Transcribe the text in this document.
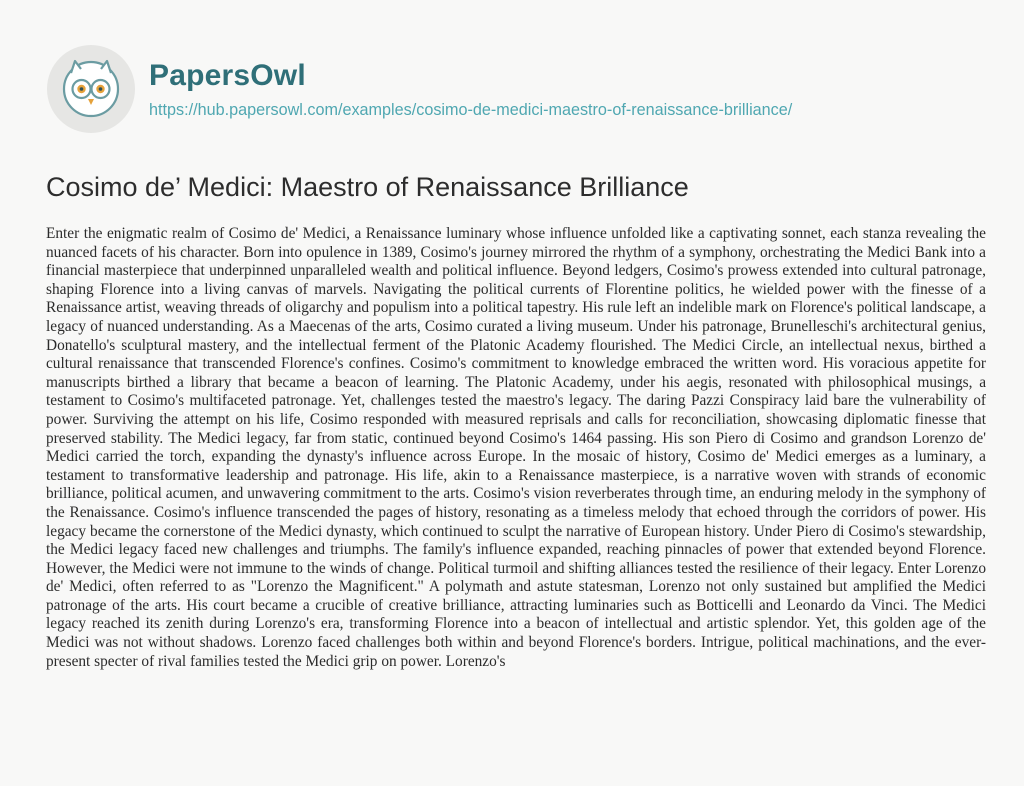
PapersOwl
https://hub.papersowl.com/examples/cosimo-de-medici-maestro-of-renaissance-brilliance/
Cosimo de’ Medici: Maestro of Renaissance Brilliance

Enter the enigmatic realm of Cosimo de' Medici, a Renaissance luminary whose influence unfolded like a captivating sonnet, each stanza revealing the nuanced facets of his character. Born into opulence in 1389, Cosimo's journey mirrored the rhythm of a symphony, orchestrating the Medici Bank into a financial masterpiece that underpinned unparalleled wealth and political influence. Beyond ledgers, Cosimo's prowess extended into cultural patronage, shaping Florence into a living canvas of marvels. Navigating the political currents of Florentine politics, he wielded power with the finesse of a Renaissance artist, weaving threads of oligarchy and populism into a political tapestry. His rule left an indelible mark on Florence's political landscape, a legacy of nuanced understanding. As a Maecenas of the arts, Cosimo curated a living museum. Under his patronage, Brunelleschi's architectural genius, Donatello's sculptural mastery, and the intellectual ferment of the Platonic Academy flourished. The Medici Circle, an intellectual nexus, birthed a cultural renaissance that transcended Florence's confines. Cosimo's commitment to knowledge embraced the written word. His voracious appetite for manuscripts birthed a library that became a beacon of learning. The Platonic Academy, under his aegis, resonated with philosophical musings, a testament to Cosimo's multifaceted patronage. Yet, challenges tested the maestro's legacy. The daring Pazzi Conspiracy laid bare the vulnerability of power. Surviving the attempt on his life, Cosimo responded with measured reprisals and calls for reconciliation, showcasing diplomatic finesse that preserved stability. The Medici legacy, far from static, continued beyond Cosimo's 1464 passing. His son Piero di Cosimo and grandson Lorenzo de' Medici carried the torch, expanding the dynasty's influence across Europe. In the mosaic of history, Cosimo de' Medici emerges as a luminary, a testament to transformative leadership and patronage. His life, akin to a Renaissance masterpiece, is a narrative woven with strands of economic brilliance, political acumen, and unwavering commitment to the arts. Cosimo's vision reverberates through time, an enduring melody in the symphony of the Renaissance. Cosimo's influence transcended the pages of history, resonating as a timeless melody that echoed through the corridors of power. His legacy became the cornerstone of the Medici dynasty, which continued to sculpt the narrative of European history. Under Piero di Cosimo's stewardship, the Medici legacy faced new challenges and triumphs. The family's influence expanded, reaching pinnacles of power that extended beyond Florence. However, the Medici were not immune to the winds of change. Political turmoil and shifting alliances tested the resilience of their legacy. Enter Lorenzo de' Medici, often referred to as "Lorenzo the Magnificent." A polymath and astute statesman, Lorenzo not only sustained but amplified the Medici patronage of the arts. His court became a crucible of creative brilliance, attracting luminaries such as Botticelli and Leonardo da Vinci. The Medici legacy reached its zenith during Lorenzo's era, transforming Florence into a beacon of intellectual and artistic splendor. Yet, this golden age of the Medici was not without shadows. Lorenzo faced challenges both within and beyond Florence's borders. Intrigue, political machinations, and the ever-present specter of rival families tested the Medici grip on power. Lorenzo's
